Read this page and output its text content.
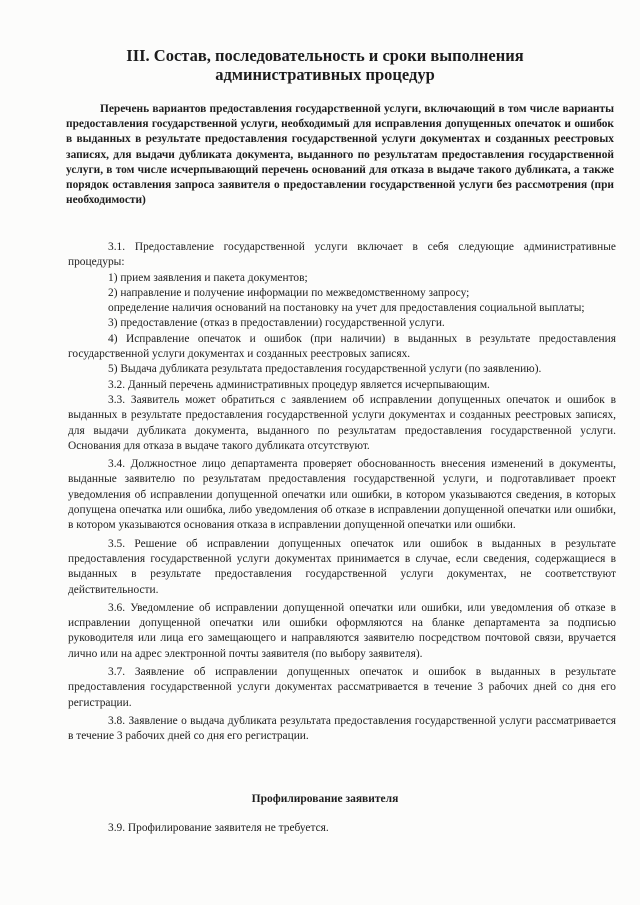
III. Состав, последовательность и сроки выполнения
административных процедур

Перечень вариантов предоставления государственной услуги, включающий в том числе варианты предоставления государственной услуги, необходимый для исправления допущенных опечаток и ошибок в выданных в результате предоставления государственной услуги документах и созданных реестровых записях, для выдачи дубликата документа, выданного по результатам предоставления государственной услуги, в том числе исчерпывающий перечень оснований для отказа в выдаче такого дубликата, а также порядок оставления запроса заявителя о предоставлении государственной услуги без рассмотрения (при необходимости)

3.1. Предоставление государственной услуги включает в себя следующие административные процедуры:

1) прием заявления и пакета документов;

2) направление и получение информации по межведомственному запросу;

определение наличия оснований на постановку на учет для предоставления социальной выплаты;

3) предоставление (отказ в предоставлении) государственной услуги.

4) Исправление опечаток и ошибок (при наличии) в выданных в результате предоставления государственной услуги документах и созданных реестровых записях.

5) Выдача дубликата результата предоставления государственной услуги (по заявлению).

3.2. Данный перечень административных процедур является исчерпывающим.

3.3. Заявитель может обратиться с заявлением об исправлении допущенных опечаток и ошибок в выданных в результате предоставления государственной услуги документах и созданных реестровых записях, для выдачи дубликата документа, выданного по результатам предоставления государственной услуги. Основания для отказа в выдаче такого дубликата отсутствуют.

3.4. Должностное лицо департамента проверяет обоснованность внесения изменений в документы, выданные заявителю по результатам предоставления государственной услуги, и подготавливает проект уведомления об исправлении допущенной опечатки или ошибки, в котором указываются сведения, в которых допущена опечатка или ошибка, либо уведомления об отказе в исправлении допущенной опечатки или ошибки, в котором указываются основания отказа в исправлении допущенной опечатки или ошибки.

3.5. Решение об исправлении допущенных опечаток или ошибок в выданных в результате предоставления государственной услуги документах принимается в случае, если сведения, содержащиеся в выданных в результате предоставления государственной услуги документах, не соответствуют действительности.

3.6. Уведомление об исправлении допущенной опечатки или ошибки, или уведомления об отказе в исправлении допущенной опечатки или ошибки оформляются на бланке департамента за подписью руководителя или лица его замещающего и направляются заявителю посредством почтовой связи, вручается лично или на адрес электронной почты заявителя (по выбору заявителя).

3.7. Заявление об исправлении допущенных опечаток и ошибок в выданных в результате предоставления государственной услуги документах рассматривается в течение 3 рабочих дней со дня его регистрации.

3.8. Заявление о выдача дубликата результата предоставления государственной услуги рассматривается в течение 3 рабочих дней со дня его регистрации.

Профилирование заявителя

3.9. Профилирование заявителя не требуется.
